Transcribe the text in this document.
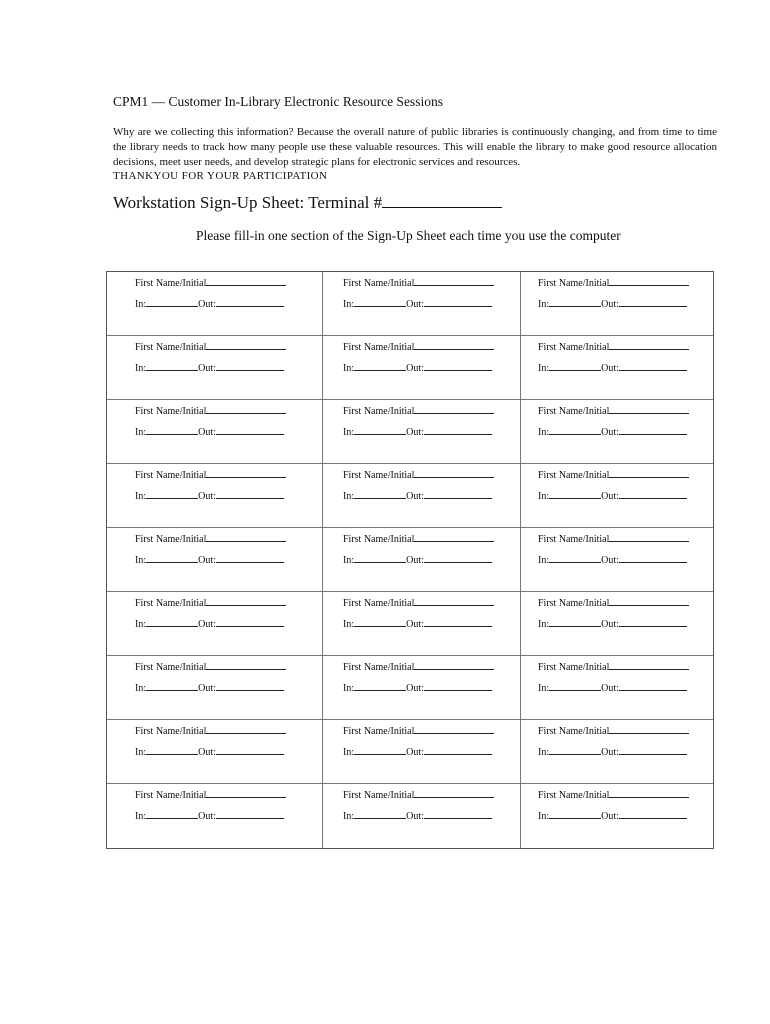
CPM1 — Customer In-Library Electronic Resource Sessions
Why are we collecting this information? Because the overall nature of public libraries is continuously changing, and from time to time the library needs to track how many people use these valuable resources. This will enable the library to make good resource allocation decisions, meet user needs, and develop strategic plans for electronic services and resources.
THANKYOU FOR YOUR PARTICIPATION
Workstation Sign-Up Sheet: Terminal #
Please fill-in one section of the Sign-Up Sheet each time you use the computer
First Name/Initial
In:	Out:
First Name/Initial
In:	Out:
First Name/Initial
In:	Out:
First Name/Initial
In:	Out:
First Name/Initial
In:	Out:
First Name/Initial
In:	Out:
First Name/Initial
In:	Out:
First Name/Initial
In:	Out:
First Name/Initial
In:	Out:
First Name/Initial
In:	Out:
First Name/Initial
In:	Out:
First Name/Initial
In:	Out:
First Name/Initial
In:	Out:
First Name/Initial
In:	Out:
First Name/Initial
In:	Out:
First Name/Initial
In:	Out:
First Name/Initial
In:	Out:
First Name/Initial
In:	Out:
First Name/Initial
In:	Out:
First Name/Initial
In:	Out:
First Name/Initial
In:	Out:
First Name/Initial
In:	Out:
First Name/Initial
In:	Out:
First Name/Initial
In:	Out:
First Name/Initial
In:	Out:
First Name/Initial
In:	Out:
First Name/Initial
In:	Out:
